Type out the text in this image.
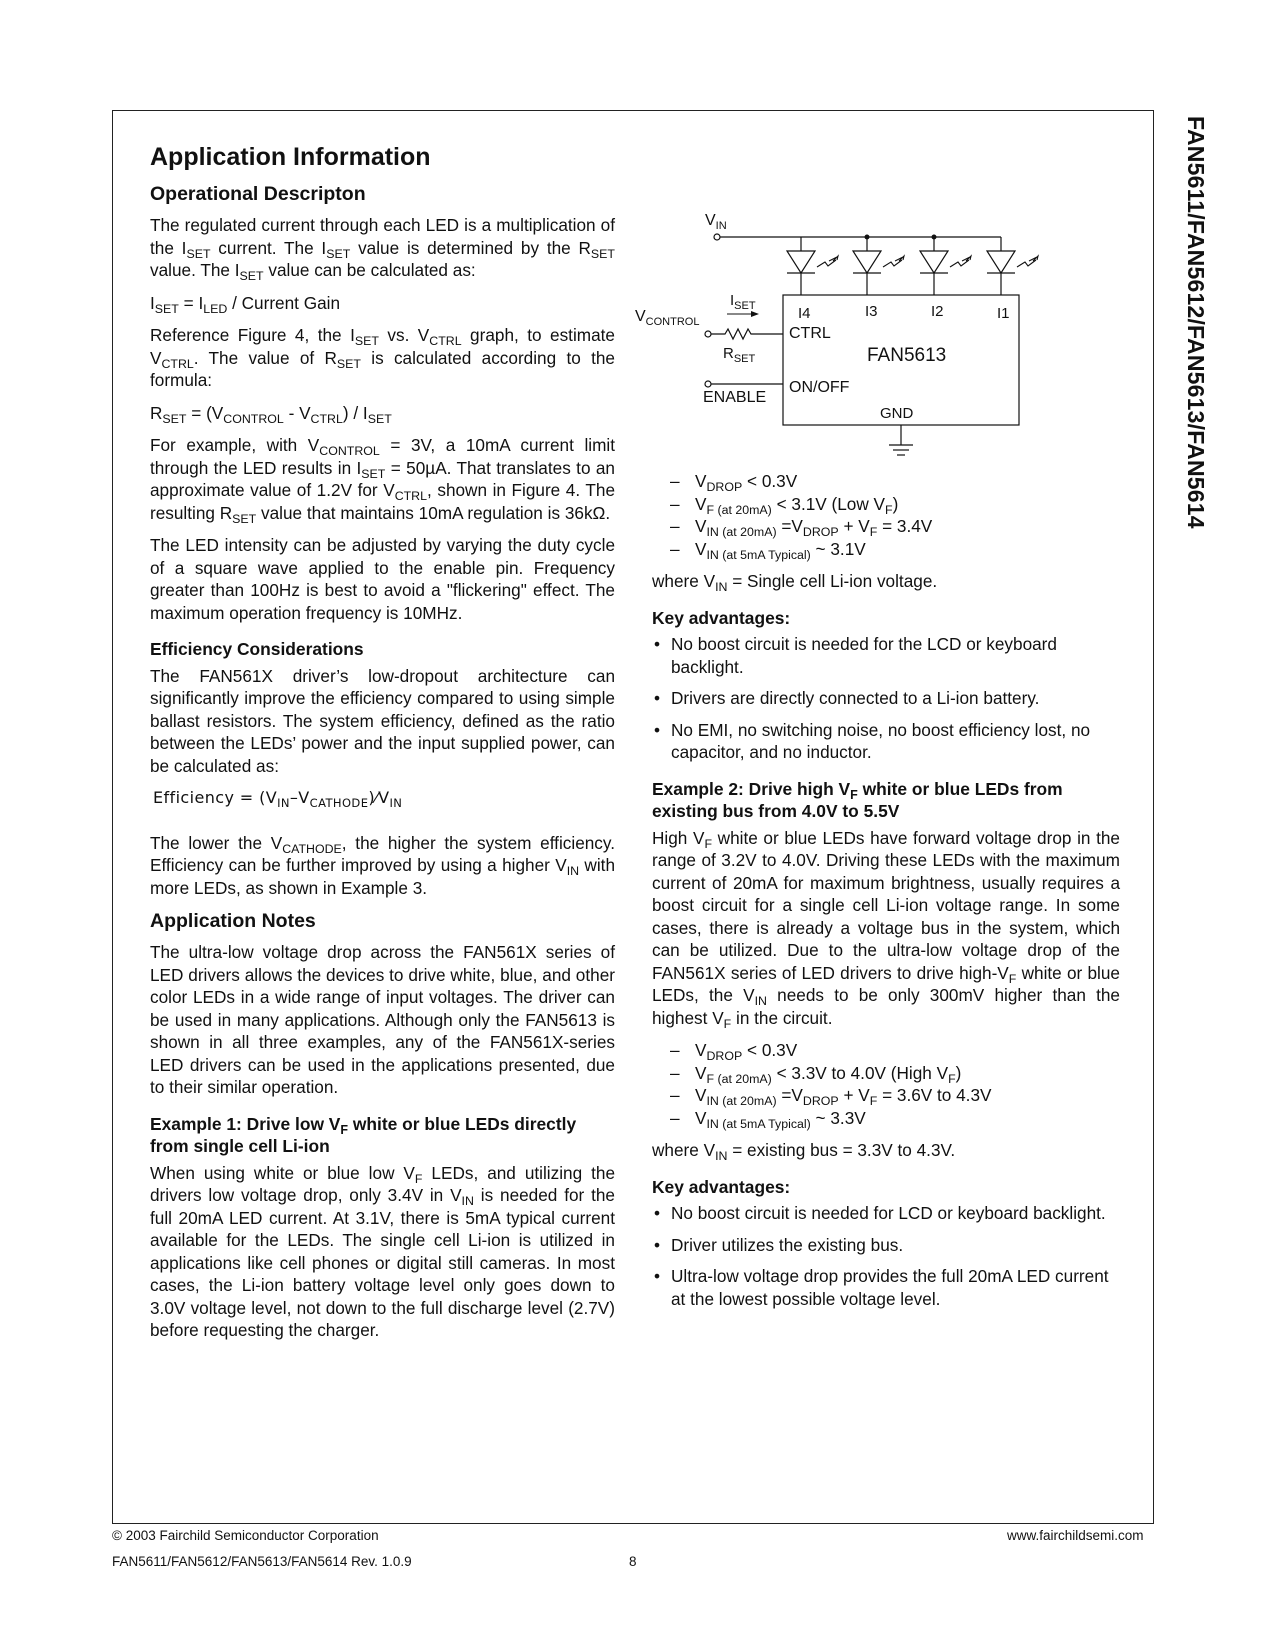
FAN5611/FAN5612/FAN5613/FAN5614
Application Information
Operational Descripton

The regulated current through each LED is a multiplication of the $I_{SET}$ current. The $I_{SET}$ value is determined by the $R_{SET}$ value. The $I_{SET}$ value can be calculated as:

$I_{SET} = I_{LED}$ / Current Gain

Reference Figure 4, the $I_{SET}$ vs. $V_{CTRL}$ graph, to estimate $V_{CTRL}$. The value of $R_{SET}$ is calculated according to the formula:

$R_{SET} = (V_{CONTROL} - V_{CTRL}) / I_{SET}$

For example, with $V_{CONTROL} = 3V$, a 10mA current limit through the LED results in $I_{SET} = 50\mu A$. That translates to an approximate value of 1.2V for $V_{CTRL}$, shown in Figure 4. The resulting $R_{SET}$ value that maintains 10mA regulation is 36kΩ.

The LED intensity can be adjusted by varying the duty cycle of a square wave applied to the enable pin. Frequency greater than 100Hz is best to avoid a "flickering" effect. The maximum operation frequency is 10MHz.

Efficiency Considerations

The FAN561X driver’s low-dropout architecture can significantly improve the efficiency compared to using simple ballast resistors. The system efficiency, defined as the ratio between the LEDs’ power and the input supplied power, can be calculated as:

Efficiency = $(V_{IN}-V_{CATHODE})⁄V_{IN}$

The lower the $V_{CATHODE}$, the higher the system efficiency. Efficiency can be further improved by using a higher $V_{IN}$ with more LEDs, as shown in Example 3.

Application Notes

The ultra-low voltage drop across the FAN561X series of LED drivers allows the devices to drive white, blue, and other color LEDs in a wide range of input voltages. The driver can be used in many applications. Although only the FAN5613 is shown in all three examples, any of the FAN561X-series LED drivers can be used in the applications presented, due to their similar operation.

Example 1: Drive low $V_F$ white or blue LEDs directly from single cell Li-ion

When using white or blue low $V_F$ LEDs, and utilizing the drivers low voltage drop, only 3.4V in $V_{IN}$ is needed for the full 20mA LED current. At 3.1V, there is 5mA typical current available for the LEDs. The single cell Li-ion is utilized in applications like cell phones or digital still cameras. In most cases, the Li-ion battery voltage level only goes down to 3.0V voltage level, not down to the full discharge level (2.7V) before requesting the charger.

$V_{IN}$
I4	I3	I2	I1
CTRL
FAN5613
ON/OFF
GND
$I_{SET}$
$V_{CONTROL}$
$R_{SET}$
ENABLE
– $V_{DROP} < 0.3V$
– $V_{F (at 20mA)} < 3.1V$ (Low $V_F$)
– $V_{IN (at 20mA)} =V_{DROP} + V_F = 3.4V$
– $V_{IN (at 5mA Typical)}$ ~ 3.1V

where $V_{IN}$ = Single cell Li-ion voltage.

Key advantages:
• No boost circuit is needed for the LCD or keyboard backlight.
• Drivers are directly connected to a Li-ion battery.
• No EMI, no switching noise, no boost efficiency lost, no capacitor, and no inductor.
Example 2: Drive high $V_F$ white or blue LEDs from existing bus from 4.0V to 5.5V

High $V_F$ white or blue LEDs have forward voltage drop in the range of 3.2V to 4.0V. Driving these LEDs with the maximum current of 20mA for maximum brightness, usually requires a boost circuit for a single cell Li-ion voltage range. In some cases, there is already a voltage bus in the system, which can be utilized. Due to the ultra-low voltage drop of the FAN561X series of LED drivers to drive high-$V_F$ white or blue LEDs, the $V_{IN}$ needs to be only 300mV higher than the highest $V_F$ in the circuit.

– $V_{DROP} < 0.3V$
– $V_{F (at 20mA)} < 3.3V$ to 4.0V (High $V_F$)
– $V_{IN (at 20mA)} =V_{DROP} + V_F = 3.6V$ to 4.3V
– $V_{IN (at 5mA Typical)}$ ~ 3.3V

where $V_{IN}$ = existing bus = 3.3V to 4.3V.

Key advantages:
• No boost circuit is needed for LCD or keyboard backlight.
• Driver utilizes the existing bus.
• Ultra-low voltage drop provides the full 20mA LED current at the lowest possible voltage level.
© 2003 Fairchild Semiconductor Corporation	www.fairchildsemi.com
FAN5611/FAN5612/FAN5613/FAN5614 Rev. 1.0.9	8
